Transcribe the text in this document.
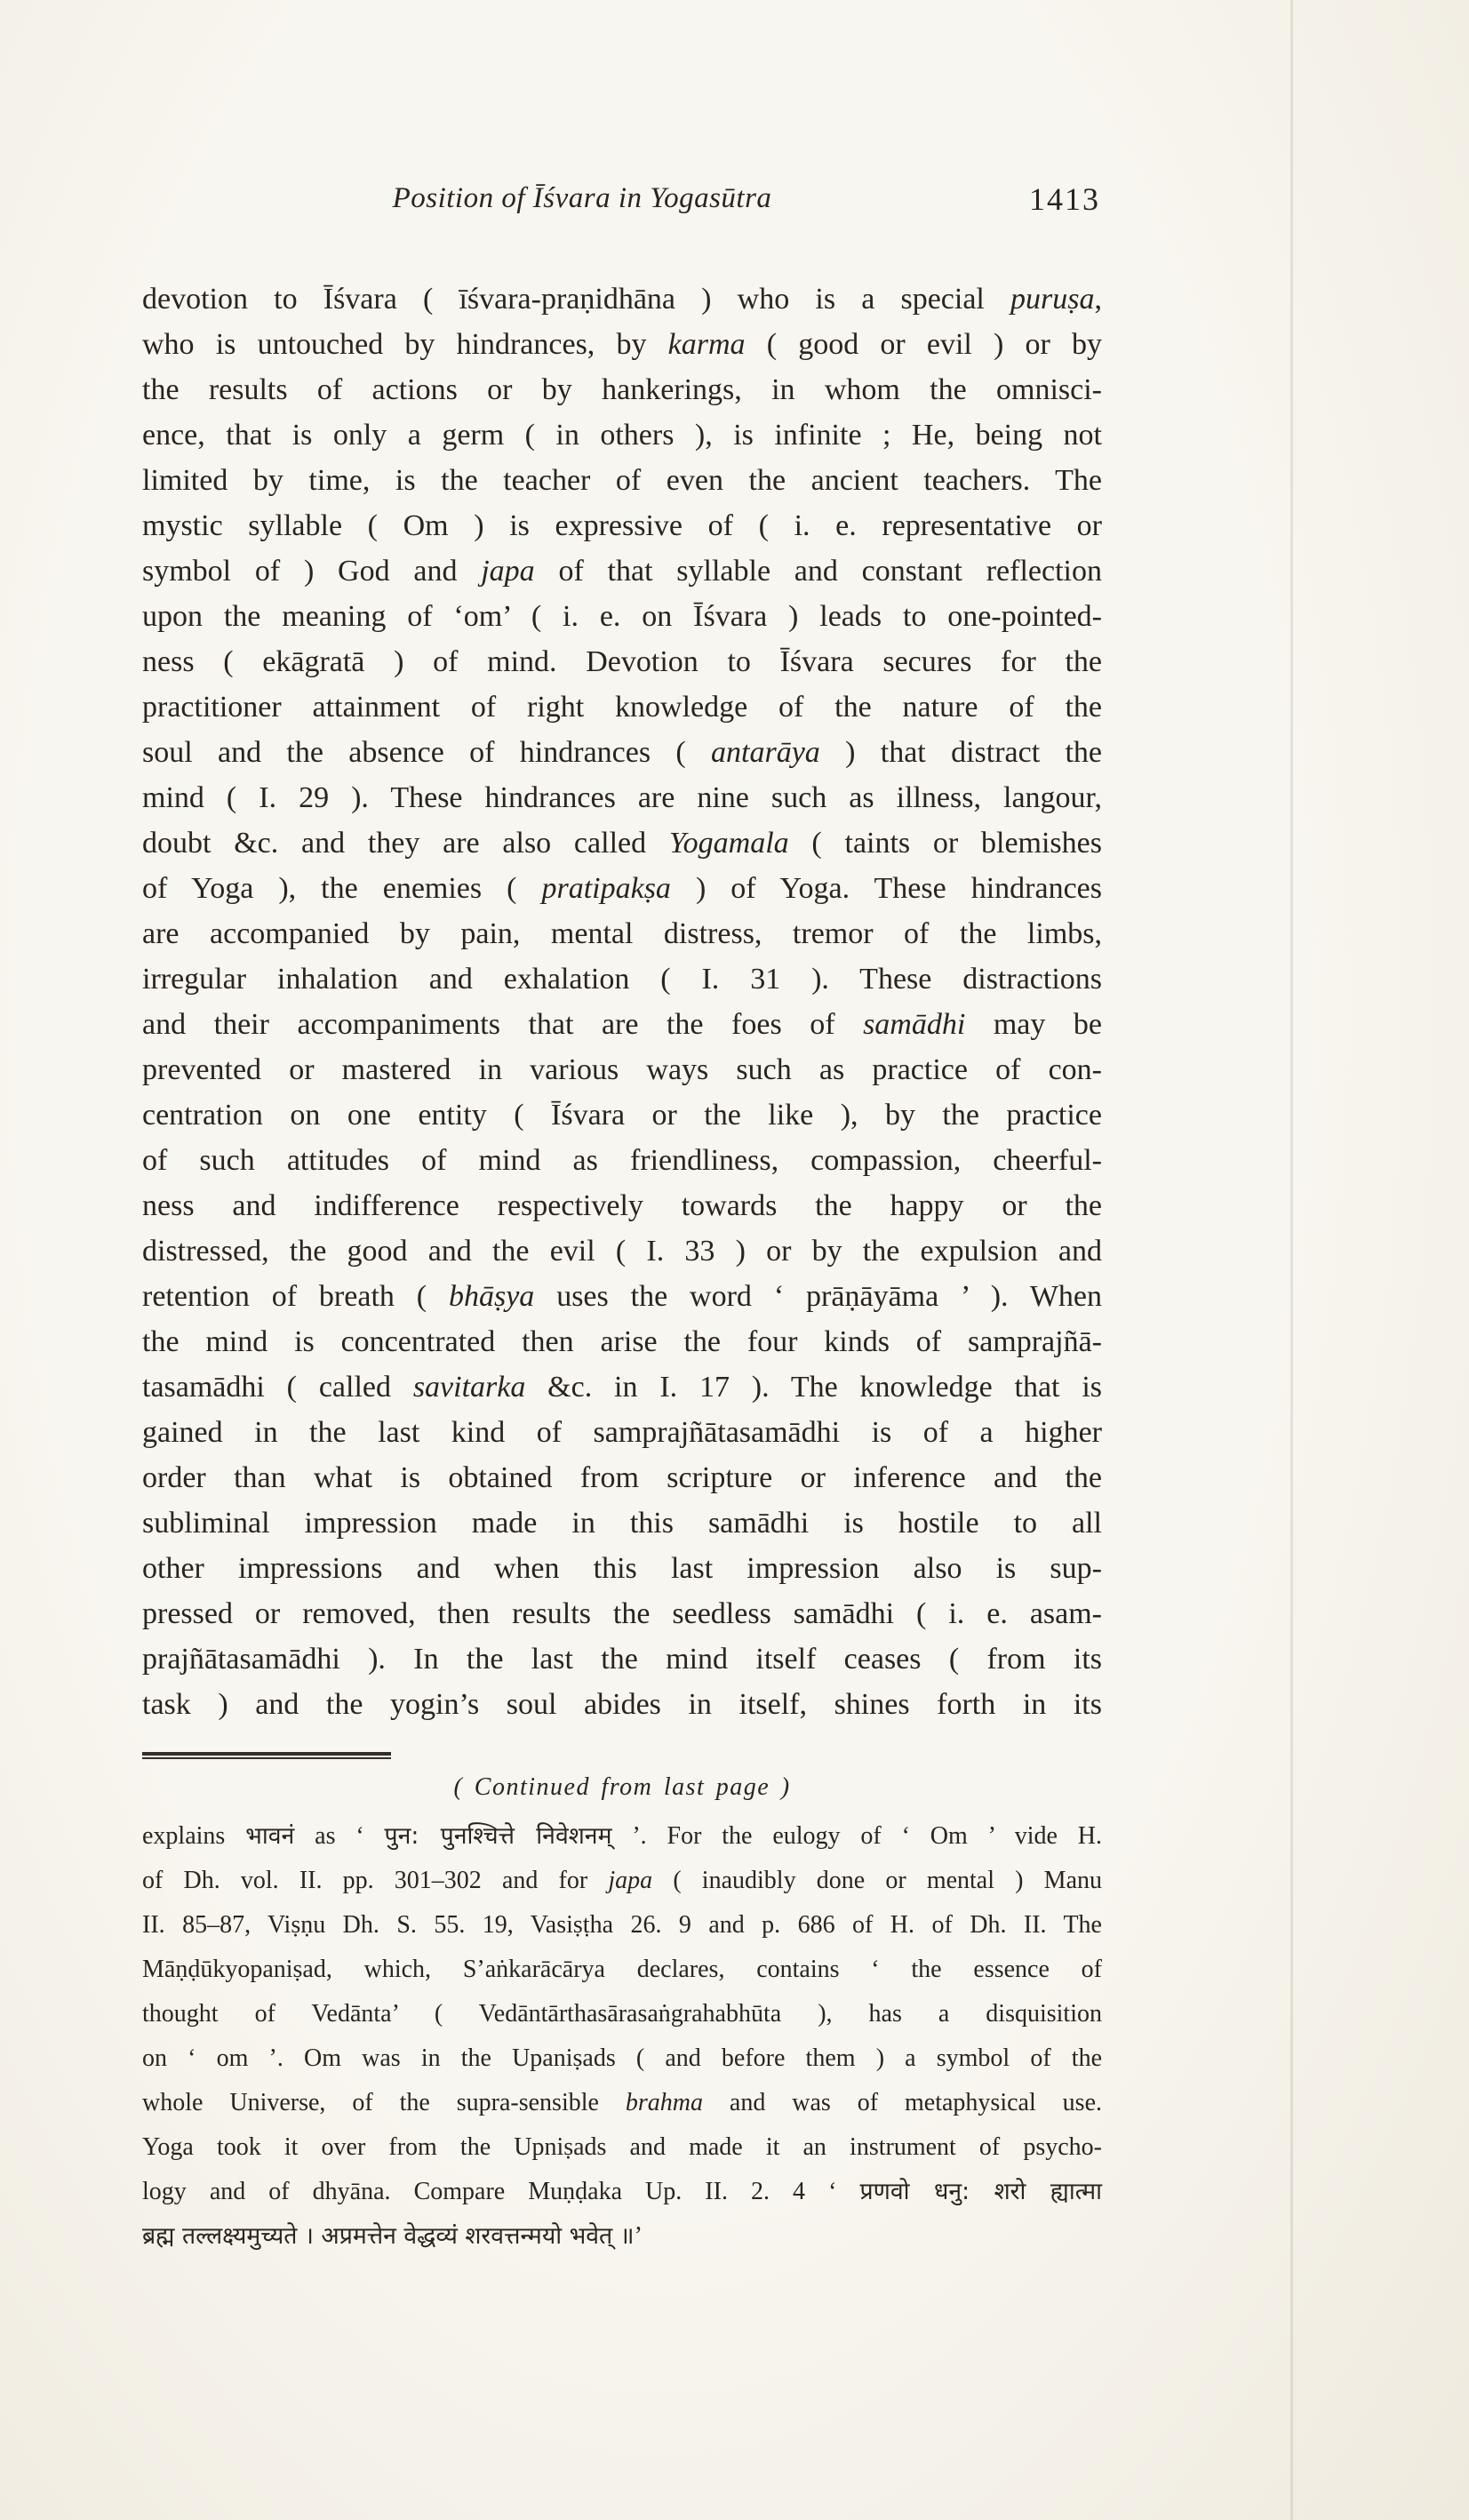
Position of Īśvara in Yogasūtra	1413
devotion to Īśvara ( īśvara-praṇidhāna ) who is a special puruṣa,
who is untouched by hindrances, by karma ( good or evil ) or by
the results of actions or by hankerings, in whom the omnisci-
ence, that is only a germ ( in others ), is infinite ; He, being not
limited by time, is the teacher of even the ancient teachers. The
mystic syllable ( Om ) is expressive of ( i. e. representative or
symbol of ) God and japa of that syllable and constant reflection
upon the meaning of ‘om’ ( i. e. on Īśvara ) leads to one-pointed-
ness ( ekāgratā ) of mind. Devotion to Īśvara secures for the
practitioner attainment of right knowledge of the nature of the
soul and the absence of hindrances ( antarāya ) that distract the
mind ( I. 29 ). These hindrances are nine such as illness, langour,
doubt &c. and they are also called Yogamala ( taints or blemishes
of Yoga ), the enemies ( pratipakṣa ) of Yoga. These hindrances
are accompanied by pain, mental distress, tremor of the limbs,
irregular inhalation and exhalation ( I. 31 ). These distractions
and their accompaniments that are the foes of samādhi may be
prevented or mastered in various ways such as practice of con-
centration on one entity ( Īśvara or the like ), by the practice
of such attitudes of mind as friendliness, compassion, cheerful-
ness and indifference respectively towards the happy or the
distressed, the good and the evil ( I. 33 ) or by the expulsion and
retention of breath ( bhāṣya uses the word ‘ prāṇāyāma ’ ). When
the mind is concentrated then arise the four kinds of samprajñā-
tasamādhi ( called savitarka &c. in I. 17 ). The knowledge that is
gained in the last kind of samprajñātasamādhi is of a higher
order than what is obtained from scripture or inference and the
subliminal impression made in this samādhi is hostile to all
other impressions and when this last impression also is sup-
pressed or removed, then results the seedless samādhi ( i. e. asam-
prajñātasamādhi ). In the last the mind itself ceases ( from its
task ) and the yogin’s soul abides in itself, shines forth in its
( Continued from last page )
explains भावनं as ‘ पुन: पुनश्चित्ते निवेशनम् ’. For the eulogy of ‘ Om ’ vide H.
of Dh. vol. II. pp. 301–302 and for japa ( inaudibly done or mental ) Manu
II. 85–87, Viṣṇu Dh. S. 55. 19, Vasiṣṭha 26. 9 and p. 686 of H. of Dh. II. The
Māṇḍūkyopaniṣad, which, S’aṅkarācārya declares, contains ‘ the essence of
thought of Vedānta’ ( Vedāntārthasārasaṅgrahabhūta ), has a disquisition
on ‘ om ’. Om was in the Upaniṣads ( and before them ) a symbol of the
whole Universe, of the supra-sensible brahma and was of metaphysical use.
Yoga took it over from the Upniṣads and made it an instrument of psycho-
logy and of dhyāna. Compare Muṇḍaka Up. II. 2. 4 ‘ प्रणवो धनु: शरो ह्यात्मा
ब्रह्म तल्लक्ष्यमुच्यते । अप्रमत्तेन वेद्धव्यं शरवत्तन्मयो भवेत् ॥’
